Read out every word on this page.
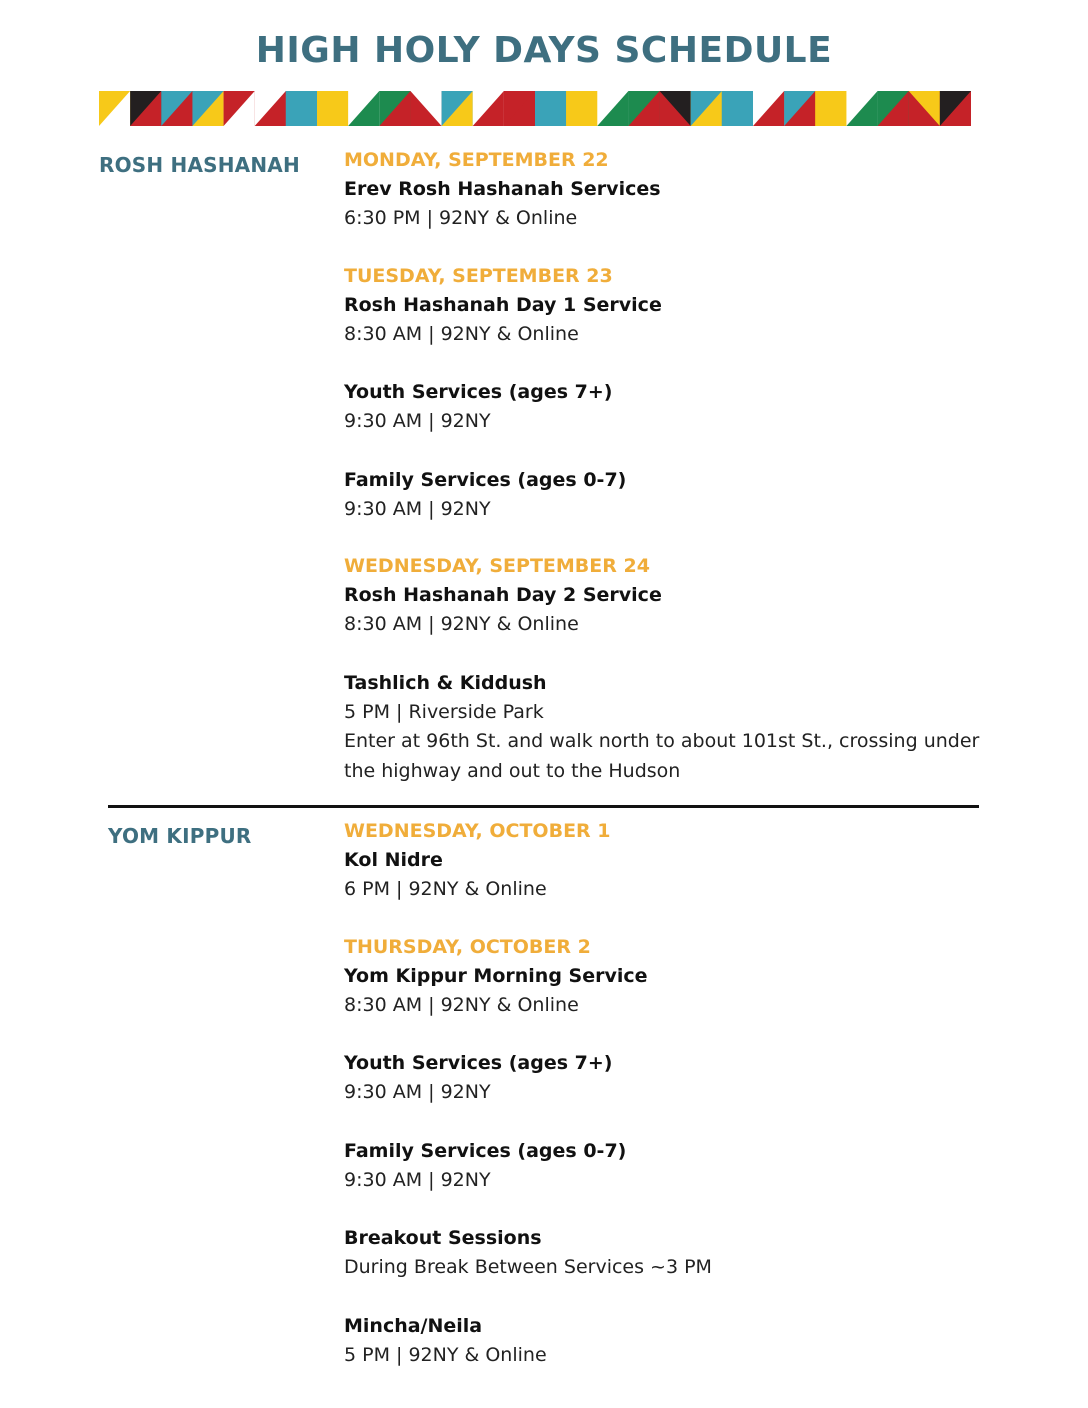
HIGH HOLY DAYS SCHEDULE
ROSH HASHANAH MONDAY, SEPTEMBER 22
Erev Rosh Hashanah Services
6:30 PM | 92NY & Online
TUESDAY, SEPTEMBER 23
Rosh Hashanah Day 1 Service
8:30 AM | 92NY & Online
Youth Services (ages 7+)
9:30 AM | 92NY
Family Services (ages 0-7)
9:30 AM | 92NY
WEDNESDAY, SEPTEMBER 24
Rosh Hashanah Day 2 Service
8:30 AM | 92NY & Online
Tashlich & Kiddush
5 PM | Riverside Park
Enter at 96th St. and walk north to about 101st St., crossing under the highway and out to the Hudson
YOM KIPPUR	WEDNESDAY, OCTOBER 1
Kol Nidre
6 PM | 92NY & Online
THURSDAY, OCTOBER 2
Yom Kippur Morning Service
8:30 AM | 92NY & Online
Youth Services (ages 7+)
9:30 AM | 92NY
Family Services (ages 0-7)
9:30 AM | 92NY
Breakout Sessions
During Break Between Services ~3 PM
Mincha/Neila
5 PM | 92NY & Online
